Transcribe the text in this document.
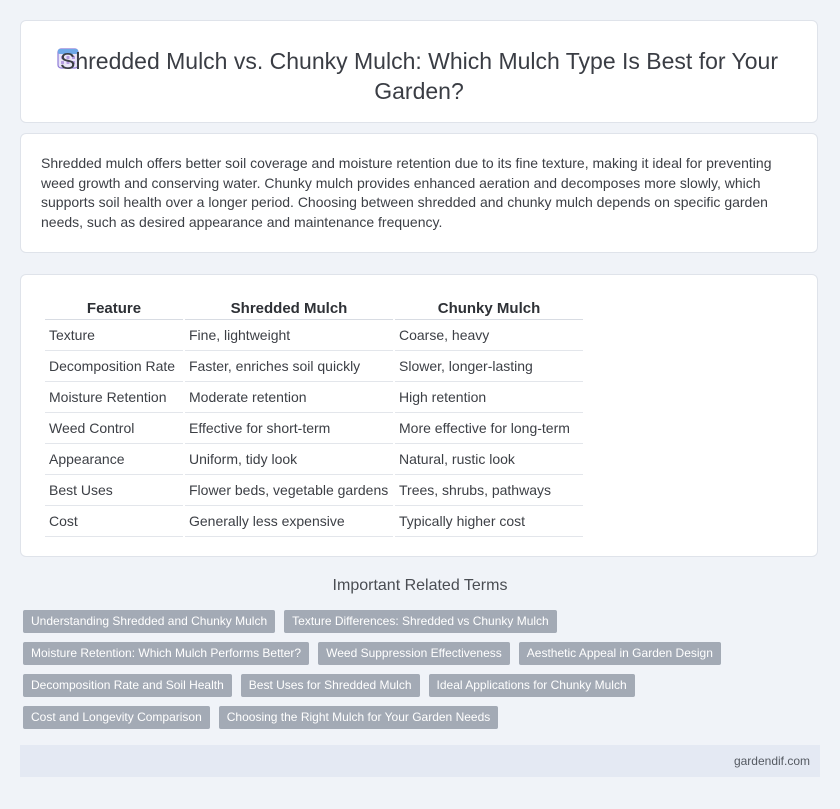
Shredded Mulch vs. Chunky Mulch: Which Mulch Type Is Best for Your Garden?

Shredded mulch offers better soil coverage and moisture retention due to its fine texture, making it ideal for preventing weed growth and conserving water. Chunky mulch provides enhanced aeration and decomposes more slowly, which supports soil health over a longer period. Choosing between shredded and chunky mulch depends on specific garden needs, such as desired appearance and maintenance frequency.

Feature	Shredded Mulch	Chunky Mulch
Texture	Fine, lightweight	Coarse, heavy
Decomposition Rate	Faster, enriches soil quickly	Slower, longer-lasting
Moisture Retention	Moderate retention	High retention
Weed Control	Effective for short-term	More effective for long-term
Appearance	Uniform, tidy look	Natural, rustic look
Best Uses	Flower beds, vegetable gardens	Trees, shrubs, pathways
Cost	Generally less expensive	Typically higher cost
Important Related Terms
Understanding Shredded and Chunky Mulch	Texture Differences: Shredded vs Chunky Mulch
Moisture Retention: Which Mulch Performs Better?	Weed Suppression Effectiveness	Aesthetic Appeal in Garden Design
Decomposition Rate and Soil Health	Best Uses for Shredded Mulch	Ideal Applications for Chunky Mulch
Cost and Longevity Comparison	Choosing the Right Mulch for Your Garden Needs
gardendif.com
